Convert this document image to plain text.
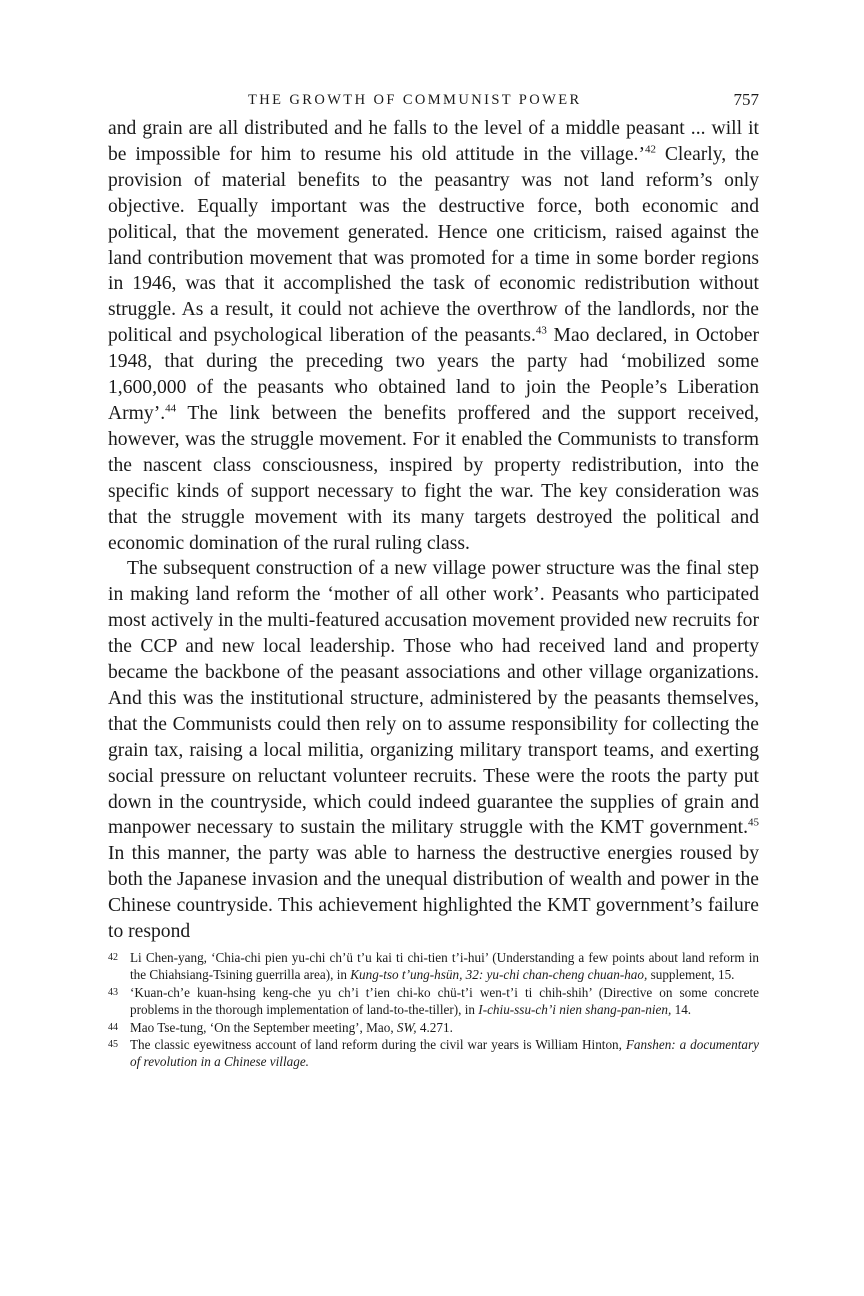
THE GROWTH OF COMMUNIST POWER	757

and grain are all distributed and he falls to the level of a middle peasant ... will it be impossible for him to resume his old attitude in the village.’$^{42}$ Clearly, the provision of material benefits to the peasantry was not land reform’s only objective. Equally important was the destructive force, both economic and political, that the movement generated. Hence one criticism, raised against the land contribution movement that was promoted for a time in some border regions in 1946, was that it accomplished the task of economic redistribution without struggle. As a result, it could not achieve the overthrow of the landlords, nor the political and psychological liberation of the peasants.$^{43}$ Mao declared, in October 1948, that during the preceding two years the party had ‘mobilized some 1,600,000 of the peasants who obtained land to join the People’s Liberation Army’.$^{44}$ The link between the benefits proffered and the support received, however, was the struggle movement. For it enabled the Communists to transform the nascent class consciousness, inspired by property redistribution, into the specific kinds of support necessary to fight the war. The key consideration was that the struggle movement with its many targets destroyed the political and economic domination of the rural ruling class.

The subsequent construction of a new village power structure was the final step in making land reform the ‘mother of all other work’. Peasants who participated most actively in the multi-featured accusation movement provided new recruits for the CCP and new local leadership. Those who had received land and property became the backbone of the peasant associations and other village organizations. And this was the institutional structure, administered by the peasants themselves, that the Communists could then rely on to assume responsibility for collecting the grain tax, raising a local militia, organizing military transport teams, and exerting social pressure on reluctant volunteer recruits. These were the roots the party put down in the countryside, which could indeed guarantee the supplies of grain and manpower necessary to sustain the military struggle with the KMT government.$^{45}$ In this manner, the party was able to harness the destructive energies roused by both the Japanese invasion and the unequal distribution of wealth and power in the Chinese countryside. This achievement highlighted the KMT government’s failure to respond

42 Li Chen-yang, ‘Chia-chi pien yu-chi ch’ü t’u kai ti chi-tien t’i-hui’ (Understanding a few points about land reform in the Chiahsiang-Tsining guerrilla area), in Kung-tso t’ung-hsün, 32: yu-chi chan-cheng chuan-hao, supplement, 15.
43 ‘Kuan-ch’e kuan-hsing keng-che yu ch’i t’ien chi-ko chü-t’i wen-t’i ti chih-shih’ (Directive on some concrete problems in the thorough implementation of land-to-the-tiller), in I-chiu-ssu-ch’i nien shang-pan-nien, 14.
44 Mao Tse-tung, ‘On the September meeting’, Mao, SW, 4.271.
45 The classic eyewitness account of land reform during the civil war years is William Hinton, Fanshen: a documentary of revolution in a Chinese village.
